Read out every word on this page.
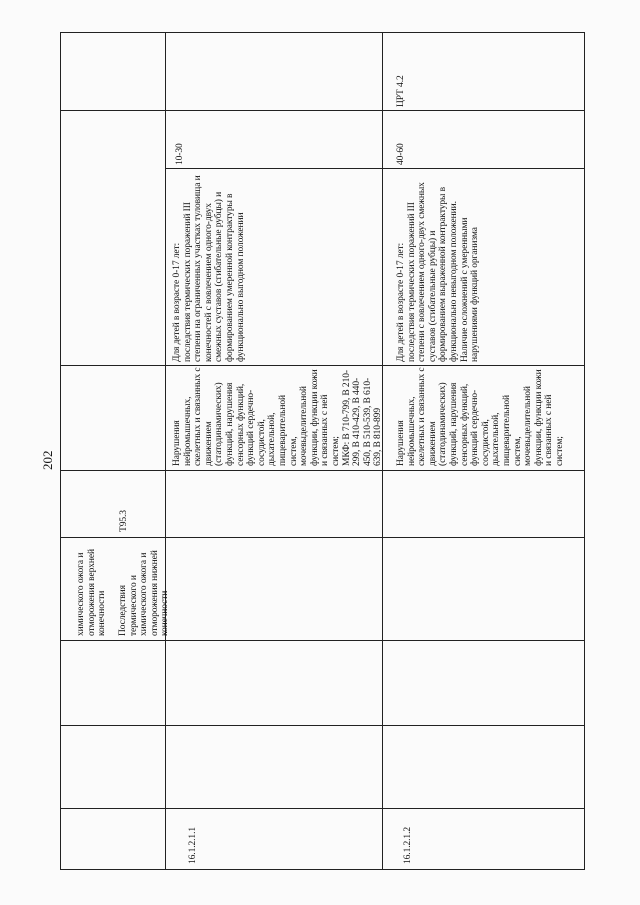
202
химического ожога и отморожения верхней конечности Последствия термического и химического ожога и отморожения нижней конечности
T95.3
16.1.2.1.1
Нарушения нейромышечных, скелетных и связанных с движением (статодинамических) функций, нарушения сенсорных функций, функций сердечно-сосудистой, дыхательной, пищеварительной систем, мочевыделительной функции, функции кожи и связанных с ней систем;
МКФ: В 710-799, В 210-299, В 410-429, В 440-450, В 510-539, В 610-639, В 810-899
Для детей в возрасте 0-17 лет:
последствия термических поражений III степени на ограниченных участках туловища и конечностей с вовлечением одного-двух смежных суставов (сгибательные рубцы) и формированием умеренной контрактуры в функционально выгодном положении
10-30
16.1.2.1.2
Нарушения нейромышечных, скелетных и связанных с движением (статодинамических) функций, нарушения сенсорных функций, функций сердечно-сосудистой, дыхательной, пищеварительной систем, мочевыделительной функции, функции кожи и связанных с ней систем;
Для детей в возрасте 0-17 лет:
последствия термических поражений III степени с вовлечением одного-двух смежных суставов (сгибательные рубцы) и формированием выраженной контрактуры в функционально невыгодном положении.
Наличие осложнений с умеренными нарушениями функций организма
40-60
ЦРТ 4.2
